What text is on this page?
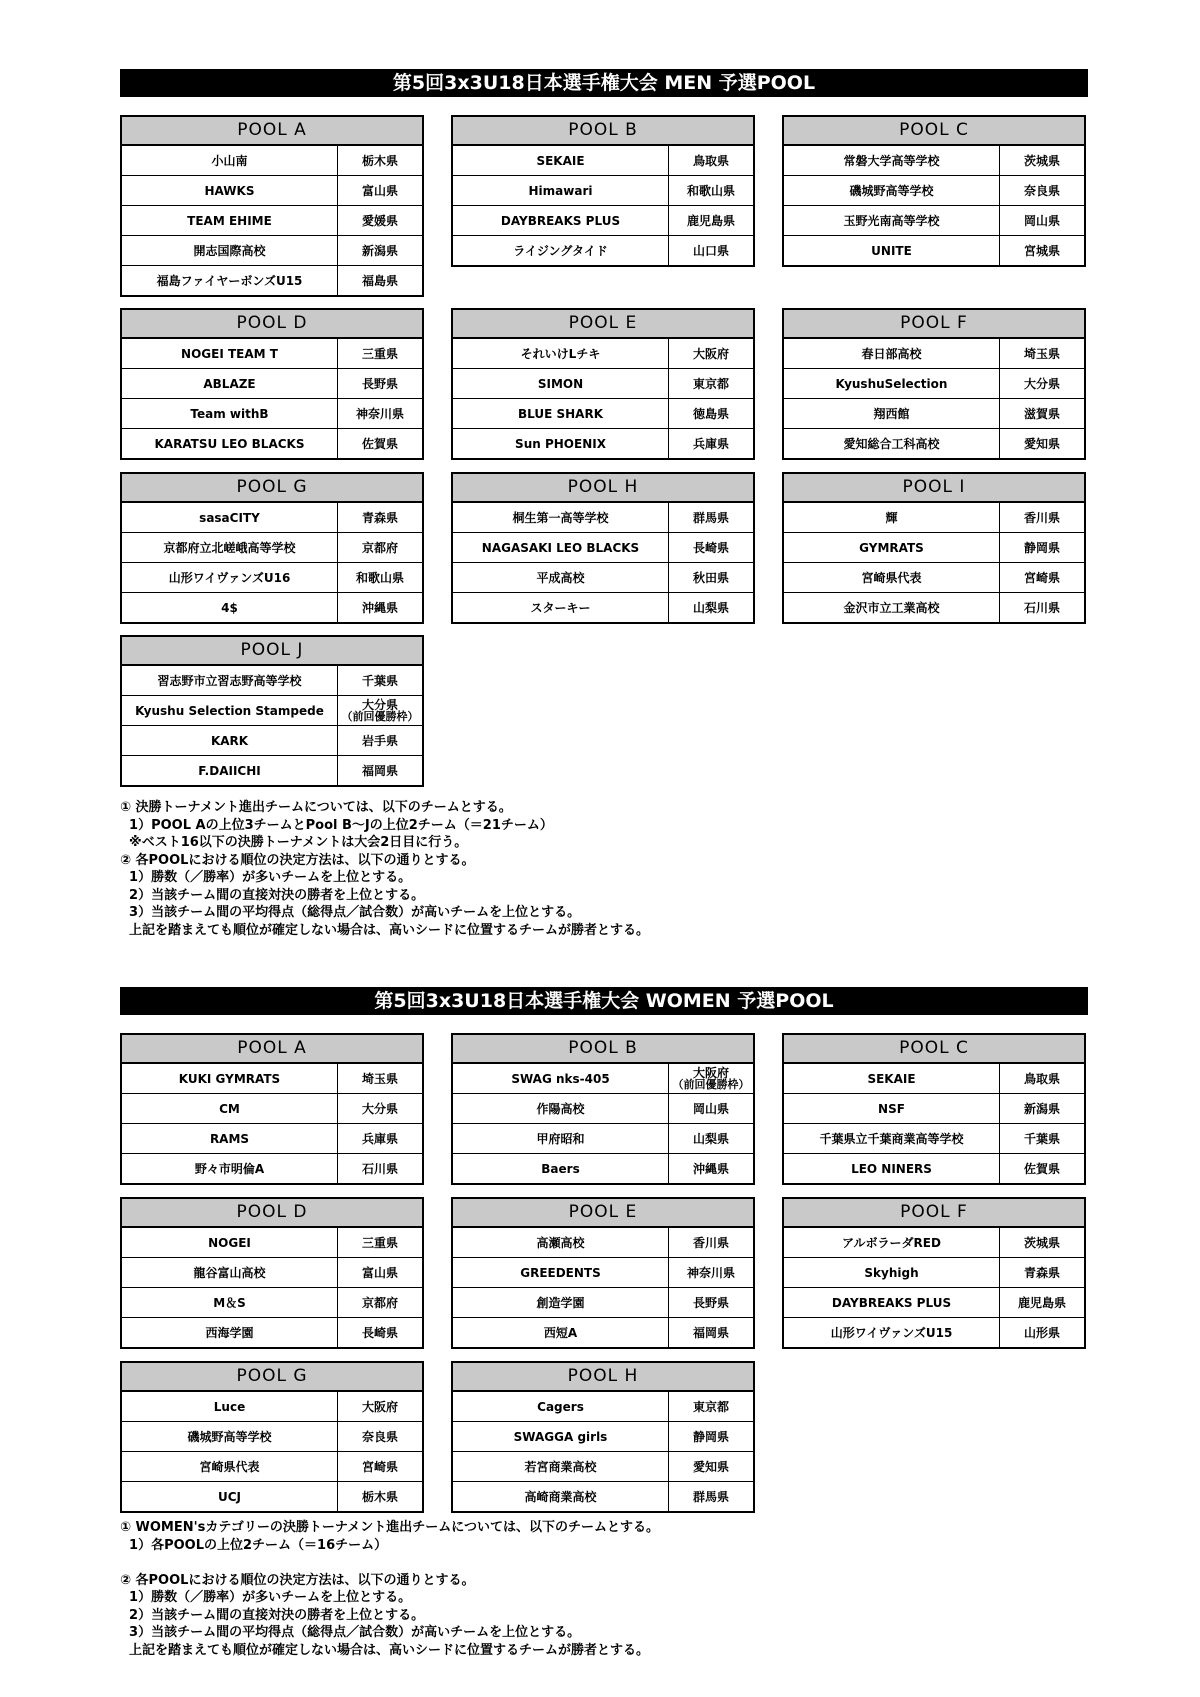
第5回3x3U18日本選手権大会 MEN 予選POOL
POOL A
小山南	栃木県
HAWKS	富山県
TEAM EHIME	愛媛県
開志国際高校	新潟県
福島ファイヤーボンズU15	福島県
POOL B
SEKAIE	鳥取県
Himawari	和歌山県
DAYBREAKS PLUS	鹿児島県
ライジングタイド	山口県
POOL C
常磐大学高等学校	茨城県
磯城野高等学校	奈良県
玉野光南高等学校	岡山県
UNITE	宮城県
POOL D
NOGEI TEAM T	三重県
ABLAZE	長野県
Team withB	神奈川県
KARATSU LEO BLACKS	佐賀県
POOL E
それいけLチキ	大阪府
SIMON	東京都
BLUE SHARK	徳島県
Sun PHOENIX	兵庫県
POOL F
春日部高校	埼玉県
KyushuSelection	大分県
翔西館	滋賀県
愛知総合工科高校	愛知県
POOL G
sasaCITY	青森県
京都府立北嵯峨高等学校	京都府
山形ワイヴァンズU16	和歌山県
4$	沖縄県
POOL H
桐生第一高等学校	群馬県
NAGASAKI LEO BLACKS	長崎県
平成高校	秋田県
スターキー	山梨県
POOL I
輝	香川県
GYMRATS	静岡県
宮崎県代表	宮崎県
金沢市立工業高校	石川県
POOL J
習志野市立習志野高等学校	千葉県
Kyushu Selection Stampede	大分県
（前回優勝枠）
KARK	岩手県
F.DAIICHI	福岡県
① 決勝トーナメント進出チームについては、以下のチームとする。
1）POOL Aの上位3チームとPool B～Jの上位2チーム（＝21チーム）
※ベスト16以下の決勝トーナメントは大会2日目に行う。
② 各POOLにおける順位の決定方法は、以下の通りとする。
1）勝数（／勝率）が多いチームを上位とする。
2）当該チーム間の直接対決の勝者を上位とする。
3）当該チーム間の平均得点（総得点／試合数）が高いチームを上位とする。
上記を踏まえても順位が確定しない場合は、高いシードに位置するチームが勝者とする。
第5回3x3U18日本選手権大会 WOMEN 予選POOL
POOL A
KUKI GYMRATS	埼玉県
CM	大分県
RAMS	兵庫県
野々市明倫A	石川県
POOL B
SWAG nks-405	大阪府
（前回優勝枠）
作陽高校	岡山県
甲府昭和	山梨県
Baers	沖縄県
POOL C
SEKAIE	鳥取県
NSF	新潟県
千葉県立千葉商業高等学校	千葉県
LEO NINERS	佐賀県
POOL D
NOGEI	三重県
龍谷富山高校	富山県
M＆S	京都府
西海学園	長崎県
POOL E
高瀬高校	香川県
GREEDENTS	神奈川県
創造学園	長野県
西短A	福岡県
POOL F
アルボラーダRED	茨城県
Skyhigh	青森県
DAYBREAKS PLUS	鹿児島県
山形ワイヴァンズU15	山形県
POOL G
Luce	大阪府
磯城野高等学校	奈良県
宮崎県代表	宮崎県
UCJ	栃木県
POOL H
Cagers	東京都
SWAGGA girls	静岡県
若宮商業高校	愛知県
高崎商業高校	群馬県
① WOMEN'sカテゴリーの決勝トーナメント進出チームについては、以下のチームとする。
1）各POOLの上位2チーム（＝16チーム）

② 各POOLにおける順位の決定方法は、以下の通りとする。
1）勝数（／勝率）が多いチームを上位とする。
2）当該チーム間の直接対決の勝者を上位とする。
3）当該チーム間の平均得点（総得点／試合数）が高いチームを上位とする。
上記を踏まえても順位が確定しない場合は、高いシードに位置するチームが勝者とする。
